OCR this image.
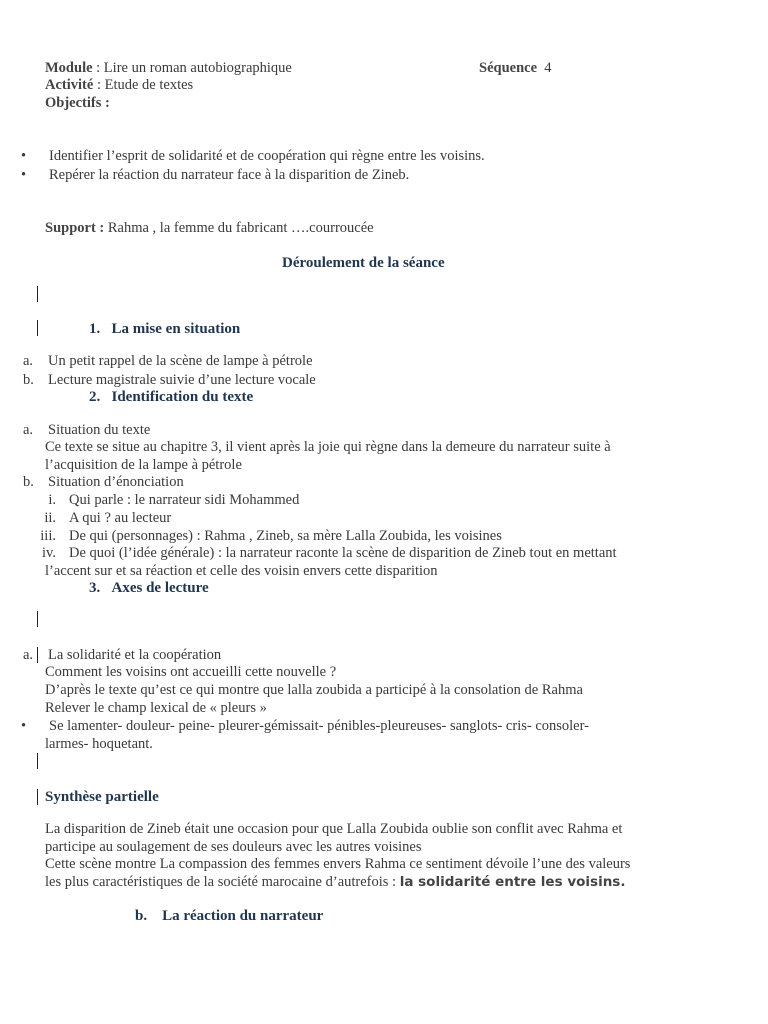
Module : Lire un roman autobiographique	Séquence 4
Activité : Etude de textes
Objectifs :
• Identifier l’esprit de solidarité et de coopération qui règne entre les voisins.
• Repérer la réaction du narrateur face à la disparition de Zineb.
Support : Rahma , la femme du fabricant ….courroucée
Déroulement de la séance
1. La mise en situation
a. Un petit rappel de la scène de lampe à pétrole
b. Lecture magistrale suivie d’une lecture vocale
2. Identification du texte
a. Situation du texte
Ce texte se situe au chapitre 3, il vient après la joie qui règne dans la demeure du narrateur suite à
l’acquisition de la lampe à pétrole
b. Situation d’énonciation
i. Qui parle : le narrateur sidi Mohammed
ii. A qui ? au lecteur
iii. De qui (personnages) : Rahma , Zineb, sa mère Lalla Zoubida, les voisines
iv. De quoi (l’idée générale) : la narrateur raconte la scène de disparition de Zineb tout en mettant
l’accent sur et sa réaction et celle des voisin envers cette disparition
3. Axes de lecture
a. La solidarité et la coopération
Comment les voisins ont accueilli cette nouvelle ?
D’après le texte qu’est ce qui montre que lalla zoubida a participé à la consolation de Rahma
Relever le champ lexical de « pleurs »
• Se lamenter- douleur- peine- pleurer-gémissait- pénibles-pleureuses- sanglots- cris- consoler-
larmes- hoquetant.
Synthèse partielle
La disparition de Zineb était une occasion pour que Lalla Zoubida oublie son conflit avec Rahma et
participe au soulagement de ses douleurs avec les autres voisines
Cette scène montre La compassion des femmes envers Rahma ce sentiment dévoile l’une des valeurs
les plus caractéristiques de la société marocaine d’autrefois : la solidarité entre les voisins.
b. La réaction du narrateur
